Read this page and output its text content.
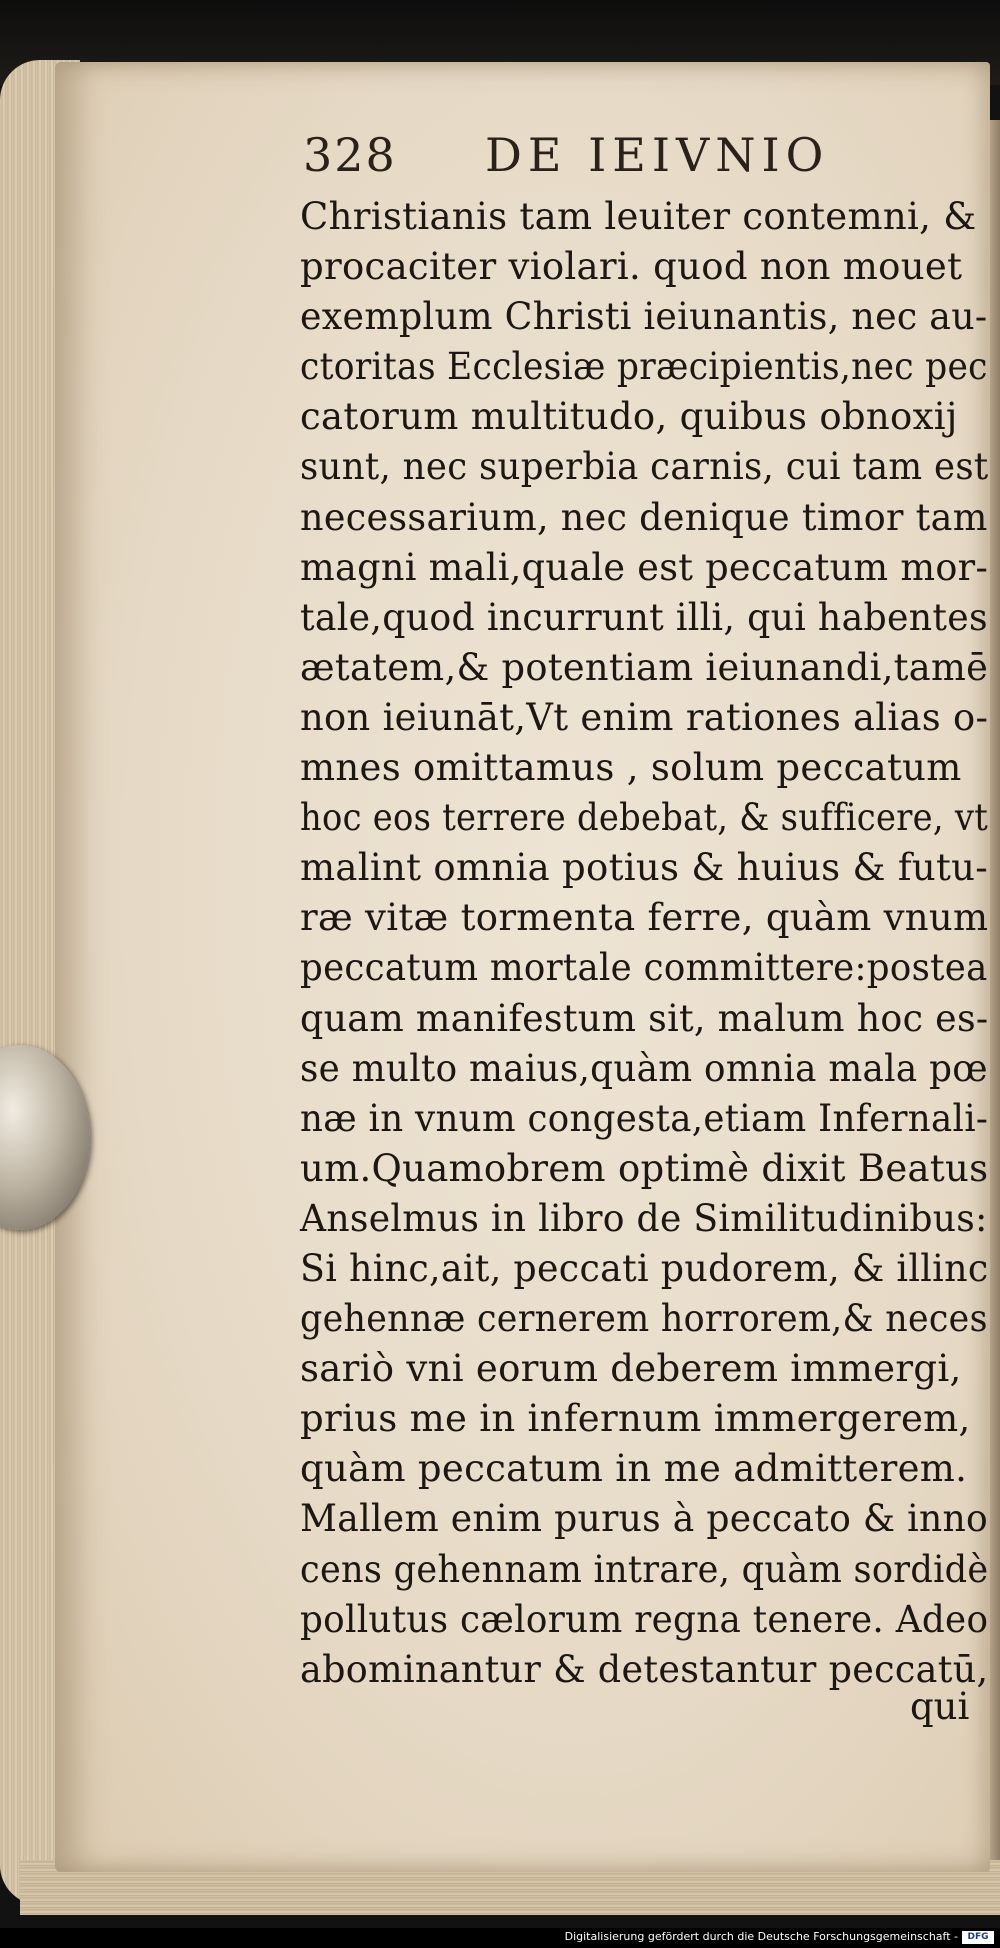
328 DE IEIVNIO
Christianis tam leuiter contemni, &
procaciter violari. quod non mouet
exemplum Christi ieiunantis, nec au-
ctoritas Ecclesiæ præcipientis,nec pec
catorum multitudo, quibus obnoxij
sunt, nec superbia carnis, cui tam est
necessarium, nec denique timor tam
magni mali,quale est peccatum mor-
tale,quod incurrunt illi, qui habentes
ætatem,& potentiam ieiunandi,tamē
non ieiunāt,Vt enim rationes alias o-
mnes omittamus , solum peccatum
hoc eos terrere debebat, & sufficere, vt
malint omnia potius & huius & futu-
ræ vitæ tormenta ferre, quàm vnum
peccatum mortale committere:postea
quam manifestum sit, malum hoc es-
se multo maius,quàm omnia mala pœ
næ in vnum congesta,etiam Infernali-
um.Quamobrem optimè dixit Beatus
Anselmus in libro de Similitudinibus:
Si hinc,ait, peccati pudorem, & illinc
gehennæ cernerem horrorem,& neces
sariò vni eorum deberem immergi,
prius me in infernum immergerem,
quàm peccatum in me admitterem.
Mallem enim purus à peccato & inno
cens gehennam intrare, quàm sordidè
pollutus cælorum regna tenere. Adeo
abominantur & detestantur peccatū,
qui
Digitalisierung gefördert durch die Deutsche Forschungsgemeinschaft -	DFG
